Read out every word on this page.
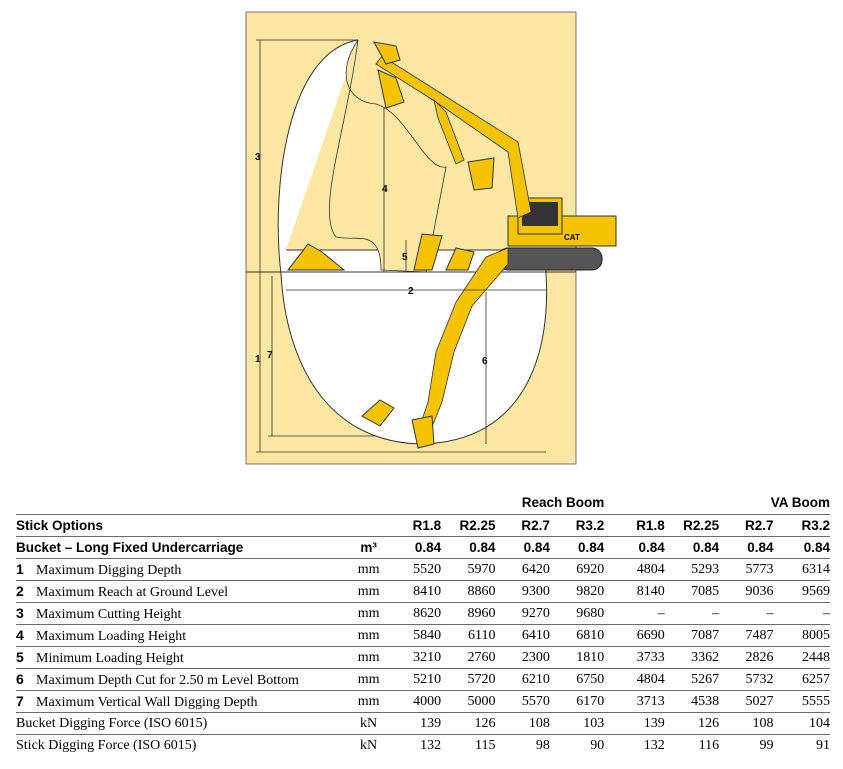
CAT
3
1 7
4
5
2
6
Reach Boom						VA Boom			
Stick Options		R1.8	R2.25	R2.7	R3.2	R1.8	R2.25	R2.7	R3.2
Bucket – Long Fixed Undercarriage	m³	0.84	0.84	0.84	0.84	0.84	0.84	0.84	0.84
1 Maximum Digging Depth	mm	5520	5970	6420	6920	4804	5293	5773	6314
2 Maximum Reach at Ground Level	mm	8410	8860	9300	9820	8140	7085	9036	9569
3 Maximum Cutting Height	mm	8620	8960	9270	9680	–	–	–	–
4 Maximum Loading Height	mm	5840	6110	6410	6810	6690	7087	7487	8005
5 Minimum Loading Height	mm	3210	2760	2300	1810	3733	3362	2826	2448
6 Maximum Depth Cut for 2.50 m Level Bottom	mm	5210	5720	6210	6750	4804	5267	5732	6257
7 Maximum Vertical Wall Digging Depth	mm	4000	5000	5570	6170	3713	4538	5027	5555
Bucket Digging Force (ISO 6015)	kN	139	126	108	103	139	126	108	104
Stick Digging Force (ISO 6015)	kN	132	115	98	90	132	116	99	91
